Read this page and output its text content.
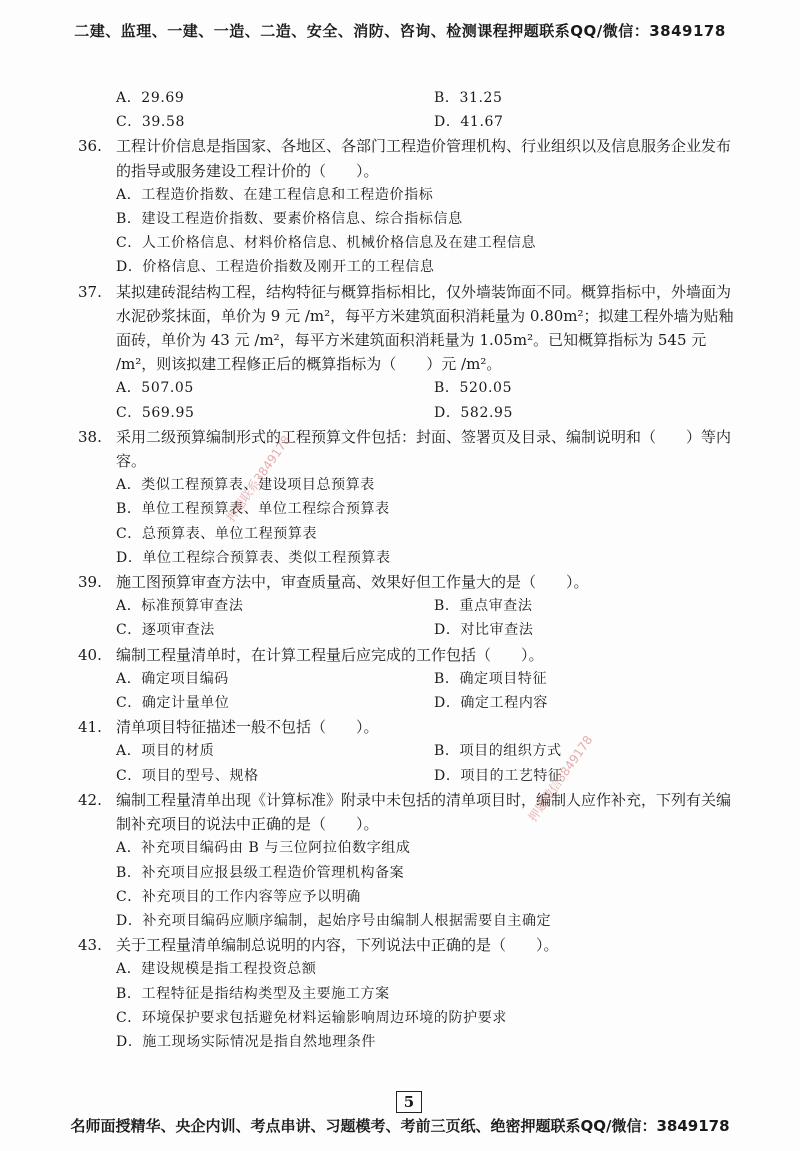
二建、监理、一建、一造、二造、安全、消防、咨询、检测课程押题联系QQ/微信：3849178
A．29.69	B．31.25
C．39.58	D．41.67
36. 工程计价信息是指国家、各地区、各部门工程造价管理机构、行业组织以及信息服务企业发布的指导或服务建设工程计价的（　　）。
A．工程造价指数、在建工程信息和工程造价指标
B．建设工程造价指数、要素价格信息、综合指标信息
C．人工价格信息、材料价格信息、机械价格信息及在建工程信息
D．价格信息、工程造价指数及刚开工的工程信息
37. 某拟建砖混结构工程，结构特征与概算指标相比，仅外墙装饰面不同。概算指标中，外墙面为水泥砂浆抹面，单价为 9 元 /m²，每平方米建筑面积消耗量为 0.80m²；拟建工程外墙为贴釉面砖，单价为 43 元 /m²，每平方米建筑面积消耗量为 1.05m²。已知概算指标为 545 元 /m²，则该拟建工程修正后的概算指标为（　　）元 /m²。
A．507.05	B．520.05
C．569.95	D．582.95
38. 采用二级预算编制形式的工程预算文件包括：封面、签署页及目录、编制说明和（　　）等内容。
A．类似工程预算表、建设项目总预算表
B．单位工程预算表、单位工程综合预算表
C．总预算表、单位工程预算表
D．单位工程综合预算表、类似工程预算表
39. 施工图预算审查方法中，审查质量高、效果好但工作量大的是（　　）。
A．标准预算审查法	B．重点审查法
C．逐项审查法	D．对比审查法
40. 编制工程量清单时，在计算工程量后应完成的工作包括（　　）。
A．确定项目编码	B．确定项目特征
C．确定计量单位	D．确定工程内容
41. 清单项目特征描述一般不包括（　　）。
A．项目的材质	B．项目的组织方式
C．项目的型号、规格	D．项目的工艺特征
42. 编制工程量清单出现《计算标准》附录中未包括的清单项目时，编制人应作补充，下列有关编制补充项目的说法中正确的是（　　）。
A．补充项目编码由 B 与三位阿拉伯数字组成
B．补充项目应报县级工程造价管理机构备案
C．补充项目的工作内容等应予以明确
D．补充项目编码应顺序编制，起始序号由编制人根据需要自主确定
43. 关于工程量清单编制总说明的内容，下列说法中正确的是（　　）。
A．建设规模是指工程投资总额
B．工程特征是指结构类型及主要施工方案
C．环境保护要求包括避免材料运输影响周边环境的防护要求
D．施工现场实际情况是指自然地理条件
押题联系3849178
押题微信3849178
5
名师面授精华、央企内训、考点串讲、习题模考、考前三页纸、绝密押题联系QQ/微信：3849178
